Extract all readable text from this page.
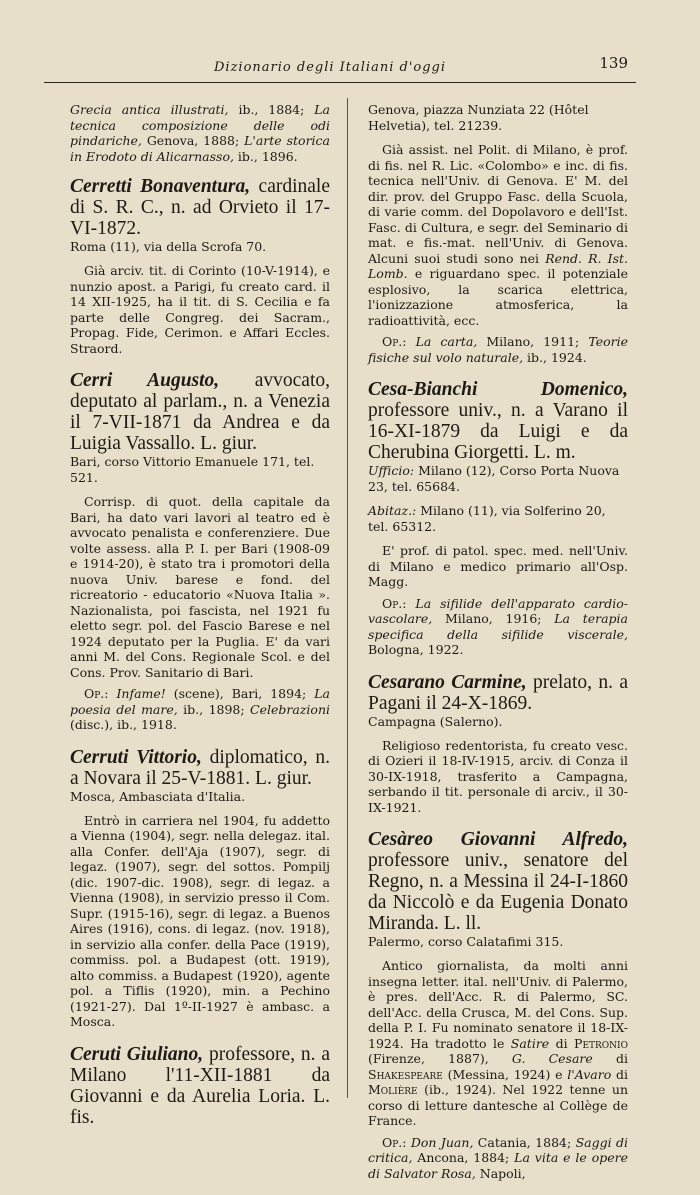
Dizionario degli Italiani d'oggi	139

Grecia antica illustrati, ib., 1884; La tecnica composizione delle odi pindariche, Genova, 1888; L'arte storica in Erodoto di Alicarnasso, ib., 1896.

Cerretti Bonaventura, cardinale di S. R. C., n. ad Orvieto il 17-VI-1872.

Roma (11), via della Scrofa 70.

Già arciv. tit. di Corinto (10-V-1914), e nunzio apost. a Parigi, fu creato card. il 14 XII-1925, ha il tit. di S. Cecilia e fa parte delle Congreg. dei Sacram., Propag. Fide, Cerimon. e Affari Eccles. Straord.

Cerri Augusto, avvocato, deputato al parlam., n. a Venezia il 7-VII-1871 da Andrea e da Luigia Vassallo. L. giur.

Bari, corso Vittorio Emanuele 171, tel. 521.

Corrisp. di quot. della capitale da Bari, ha dato vari lavori al teatro ed è avvocato penalista e conferenziere. Due volte assess. alla P. I. per Bari (1908-09 e 1914-20), è stato tra i promotori della nuova Univ. barese e fond. del ricreatorio - educatorio «Nuova Italia ». Nazionalista, poi fascista, nel 1921 fu eletto segr. pol. del Fascio Barese e nel 1924 deputato per la Puglia. E' da vari anni M. del Cons. Regionale Scol. e del Cons. Prov. Sanitario di Bari.

Op.: Infame! (scene), Bari, 1894; La poesia del mare, ib., 1898; Celebrazioni (disc.), ib., 1918.

Cerruti Vittorio, diplomatico, n. a Novara il 25-V-1881. L. giur.

Mosca, Ambasciata d'Italia.

Entrò in carriera nel 1904, fu addetto a Vienna (1904), segr. nella delegaz. ital. alla Confer. dell'Aja (1907), segr. di legaz. (1907), segr. del sottos. Pompilj (dic. 1907-dic. 1908), segr. di legaz. a Vienna (1908), in servizio presso il Com. Supr. (1915-16), segr. di legaz. a Buenos Aires (1916), cons. di legaz. (nov. 1918), in servizio alla confer. della Pace (1919), commiss. pol. a Budapest (ott. 1919), alto commiss. a Budapest (1920), agente pol. a Tiflis (1920), min. a Pechino (1921-27). Dal 1º-II-1927 è ambasc. a Mosca.

Ceruti Giuliano, professore, n. a Milano l'11-XII-1881 da Giovanni e da Aurelia Loria. L. fis.

Genova, piazza Nunziata 22 (Hôtel Helvetia), tel. 21239.

Già assist. nel Polit. di Milano, è prof. di fis. nel R. Lic. «Colombo» e inc. di fis. tecnica nell'Univ. di Genova. E' M. del dir. prov. del Gruppo Fasc. della Scuola, di varie comm. del Dopolavoro e dell'Ist. Fasc. di Cultura, e segr. del Seminario di mat. e fis.-mat. nell'Univ. di Genova. Alcuni suoi studi sono nei Rend. R. Ist. Lomb. e riguardano spec. il potenziale esplosivo, la scarica elettrica, l'ionizzazione atmosferica, la radioattività, ecc.

Op.: La carta, Milano, 1911; Teorie fisiche sul volo naturale, ib., 1924.

Cesa-Bianchi Domenico, professore univ., n. a Varano il 16-XI-1879 da Luigi e da Cherubina Giorgetti. L. m.

Ufficio: Milano (12), Corso Porta Nuova 23, tel. 65684.

Abitaz.: Milano (11), via Solferino 20, tel. 65312.

E' prof. di patol. spec. med. nell'Univ. di Milano e medico primario all'Osp. Magg.

Op.: La sifilide dell'apparato cardio-vascolare, Milano, 1916; La terapia specifica della sifilide viscerale, Bologna, 1922.

Cesarano Carmine, prelato, n. a Pagani il 24-X-1869.

Campagna (Salerno).

Religioso redentorista, fu creato vesc. di Ozieri il 18-IV-1915, arciv. di Conza il 30-IX-1918, trasferito a Campagna, serbando il tit. personale di arciv., il 30-IX-1921.

Cesàreo Giovanni Alfredo, professore univ., senatore del Regno, n. a Messina il 24-I-1860 da Niccolò e da Eugenia Donato Miranda. L. ll.

Palermo, corso Calatafimi 315.

Antico giornalista, da molti anni insegna letter. ital. nell'Univ. di Palermo, è pres. dell'Acc. R. di Palermo, SC. dell'Acc. della Crusca, M. del Cons. Sup. della P. I. Fu nominato senatore il 18-IX-1924. Ha tradotto le Satire di Petronio (Firenze, 1887), G. Cesare di Shakespeare (Messina, 1924) e l'Avaro di Molière (ib., 1924). Nel 1922 tenne un corso di letture dantesche al Collège de France.

Op.: Don Juan, Catania, 1884; Saggi di critica, Ancona, 1884; La vita e le opere di Salvator Rosa, Napoli,
